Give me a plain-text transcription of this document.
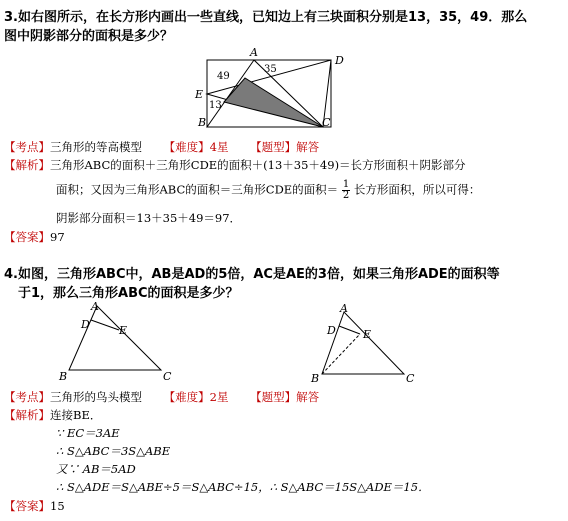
3.如右图所示，在长方形内画出一些直线，已知边上有三块面积分别是13，35，49．那么
图中阴影部分的面积是多少？
A
D
E
B	C
49
35
13
【考点】三角形的等高模型 【难度】4星 【题型】解答
【解析】三角形ABC的面积＋三角形CDE的面积＋(13＋35＋49)＝长方形面积＋阴影部分
面积；又因为三角形ABC的面积＝三角形CDE的面积＝ $\frac{1}{2}$ 长方形面积，所以可得：
阴影部分面积＝13＋35＋49＝97．
【答案】97
4.如图，三角形ABC中，AB是AD的5倍，AC是AE的3倍，如果三角形ADE的面积等
于1，那么三角形ABC的面积是多少？
A
D	E
B	C
A
D E
B	C
【考点】三角形的鸟头模型 【难度】2星 【题型】解答
【解析】连接BE．
∵ EC＝3AE
∴ S△ABC＝3S△ABE
又∵ AB＝5AD
∴ S△ADE＝S△ABE÷5＝S△ABC÷15，∴ S△ABC＝15S△ADE＝15．
【答案】15
